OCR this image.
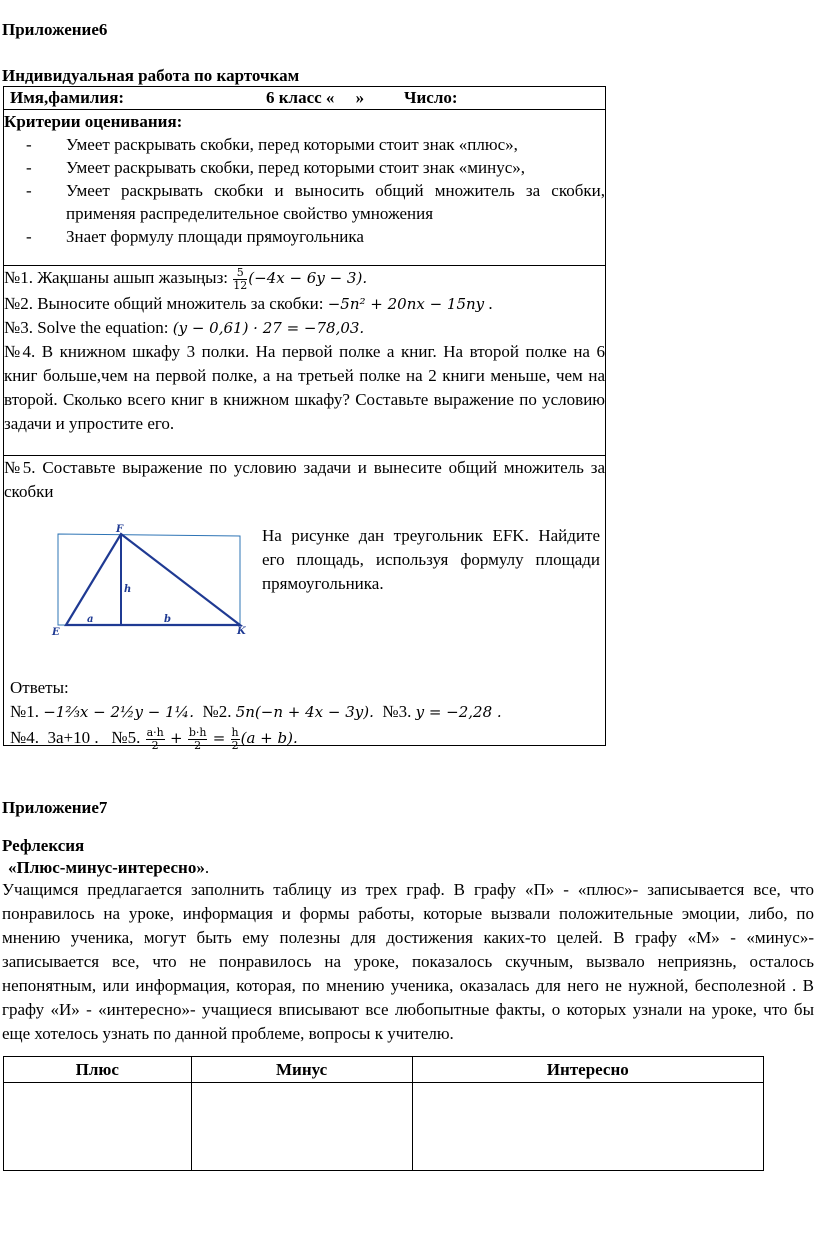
Приложение6

Индивидуальная работа по карточкам

Имя,фамилия:	6 класс «     »	Число:

Критерии оценивания:
- Умеет раскрывать скобки, перед которыми стоит знак «плюс»,
- Умеет раскрывать скобки, перед которыми стоит знак «минус»,
- Умеет раскрывать скобки и выносить общий множитель за скобки, применяя распределительное свойство умножения
- Знает формулу площади прямоугольника

№1. Жақшаны ашып жазыңыз: $\frac{5}{12} (-4x - 6y - 3)$.

№2. Выносите общий множитель за скобки: −5n² + 20nx − 15ny .

№3. Solve the equation: (y − 0,61) · 27 = −78,03.

№4. В книжном шкафу 3 полки. На первой полке a книг. На второй полке на 6 книг больше,чем на первой полке, а на третьей полке на 2 книги меньше, чем на второй. Сколько всего книг в книжном шкафу? Составьте выражение по условию задачи и упростите его.

№5. Составьте выражение по условию задачи и вынесите общий множитель за скобки

E
F
K
h
a	b
На рисунке дан треугольник EFK. Найдите его площадь, используя формулу площади прямоугольника.
Ответы:
№1. −1⅔x − 2½y − 1¼. №2. 5n(−n + 4x − 3y). №3. y = −2,28 .
№4.  3a+10 . №5. $\frac{a\cdot h}{2} + \frac{b\cdot h}{2} = \frac{h}{2} (a + b)$.

Приложение7

Рефлексия

«Плюс-минус-интересно».

Учащимся предлагается заполнить таблицу из трех граф. В графу «П» - «плюс»- записывается все, что понравилось на уроке, информация и формы работы, которые вызвали положительные эмоции, либо, по мнению ученика, могут быть ему полезны для достижения каких-то целей. В графу «М» - «минус»- записывается все, что не понравилось на уроке, показалось скучным, вызвало неприязнь, осталось непонятным, или информация, которая, по мнению ученика, оказалась для него не нужной, бесполезной . В графу «И» - «интересно»- учащиеся вписывают все любопытные факты, о которых узнали на уроке, что бы еще хотелось узнать по данной проблеме, вопросы к учителю.

Плюс	Минус	Интересно
